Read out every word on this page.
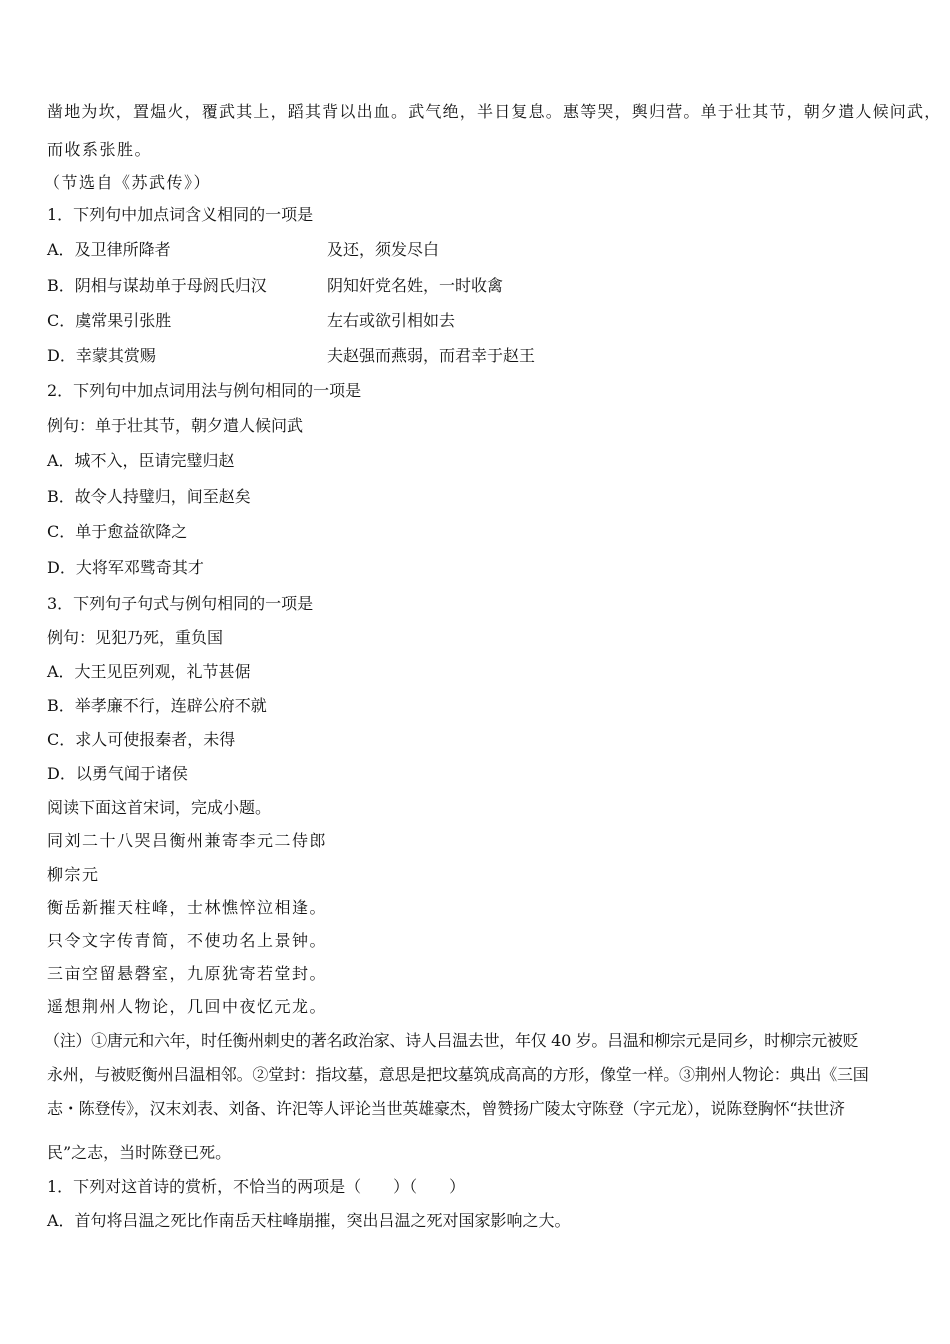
凿地为坎，置煴火，覆武其上，蹈其背以出血。武气绝，半日复息。惠等哭，舆归营。单于壮其节，朝夕遣人候问武，
而收系张胜。
（节选自《苏武传》）
1．下列句中加点词含义相同的一项是
A．及卫律所降者	及还，须发尽白
B．阴相与谋劫单于母阏氏归汉	阴知奸党名姓，一时收禽
C．虞常果引张胜	左右或欲引相如去
D．幸蒙其赏赐	夫赵强而燕弱，而君幸于赵王
2．下列句中加点词用法与例句相同的一项是
例句：单于壮其节，朝夕遣人候问武
A．城不入，臣请完璧归赵
B．故令人持璧归，间至赵矣
C．单于愈益欲降之
D．大将军邓骘奇其才
3．下列句子句式与例句相同的一项是
例句：见犯乃死，重负国
A．大王见臣列观，礼节甚倨
B．举孝廉不行，连辟公府不就
C．求人可使报秦者，未得
D．以勇气闻于诸侯
阅读下面这首宋词，完成小题。
同刘二十八哭吕衡州兼寄李元二侍郎
柳宗元
衡岳新摧天柱峰，士林憔悴泣相逢。
只令文字传青简，不使功名上景钟。
三亩空留悬磬室，九原犹寄若堂封。
遥想荆州人物论，几回中夜忆元龙。
（注）①唐元和六年，时任衡州刺史的著名政治家、诗人吕温去世，年仅 40 岁。吕温和柳宗元是同乡，时柳宗元被贬
永州，与被贬衡州吕温相邻。②堂封：指坟墓，意思是把坟墓筑成高高的方形，像堂一样。③荆州人物论：典出《三国
志・陈登传》，汉末刘表、刘备、许汜等人评论当世英雄豪杰，曾赞扬广陵太守陈登（字元龙），说陈登胸怀“扶世济
民”之志，当时陈登已死。
1．下列对这首诗的赏析，不恰当的两项是（　　）（　　）
A．首句将吕温之死比作南岳天柱峰崩摧，突出吕温之死对国家影响之大。
